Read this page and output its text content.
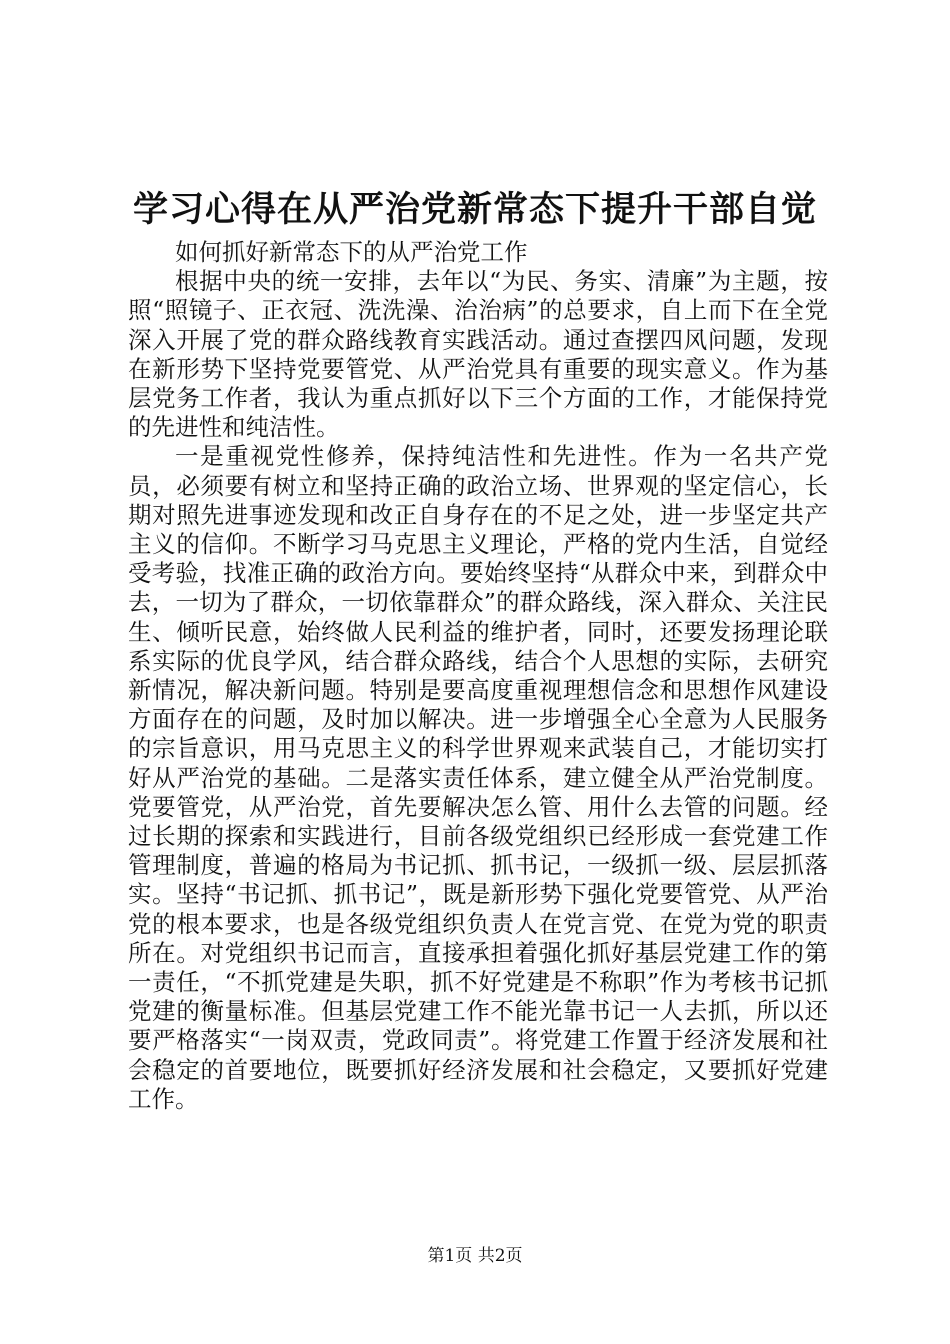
学习心得在从严治党新常态下提升干部自觉

如何抓好新常态下的从严治党工作

根据中央的统一安排，去年以“为民、务实、清廉”为主题，按照“照镜子、正衣冠、洗洗澡、治治病”的总要求，自上而下在全党深入开展了党的群众路线教育实践活动。通过查摆四风问题，发现在新形势下坚持党要管党、从严治党具有重要的现实意义。作为基层党务工作者，我认为重点抓好以下三个方面的工作，才能保持党的先进性和纯洁性。

一是重视党性修养，保持纯洁性和先进性。作为一名共产党员，必须要有树立和坚持正确的政治立场、世界观的坚定信心，长期对照先进事迹发现和改正自身存在的不足之处，进一步坚定共产主义的信仰。不断学习马克思主义理论，严格的党内生活，自觉经受考验，找准正确的政治方向。要始终坚持“从群众中来，到群众中去，一切为了群众，一切依靠群众”的群众路线，深入群众、关注民生、倾听民意，始终做人民利益的维护者，同时，还要发扬理论联系实际的优良学风，结合群众路线，结合个人思想的实际，去研究新情况，解决新问题。特别是要高度重视理想信念和思想作风建设方面存在的问题，及时加以解决。进一步增强全心全意为人民服务的宗旨意识，用马克思主义的科学世界观来武装自己，才能切实打好从严治党的基础。二是落实责任体系，建立健全从严治党制度。党要管党，从严治党，首先要解决怎么管、用什么去管的问题。经过长期的探索和实践进行，目前各级党组织已经形成一套党建工作管理制度，普遍的格局为书记抓、抓书记，一级抓一级、层层抓落实。坚持“书记抓、抓书记”，既是新形势下强化党要管党、从严治党的根本要求，也是各级党组织负责人在党言党、在党为党的职责所在。对党组织书记而言，直接承担着强化抓好基层党建工作的第一责任，“不抓党建是失职，抓不好党建是不称职”作为考核书记抓党建的衡量标准。但基层党建工作不能光靠书记一人去抓，所以还要严格落实“一岗双责，党政同责”。将党建工作置于经济发展和社会稳定的首要地位，既要抓好经济发展和社会稳定，又要抓好党建工作。

第1页 共2页
